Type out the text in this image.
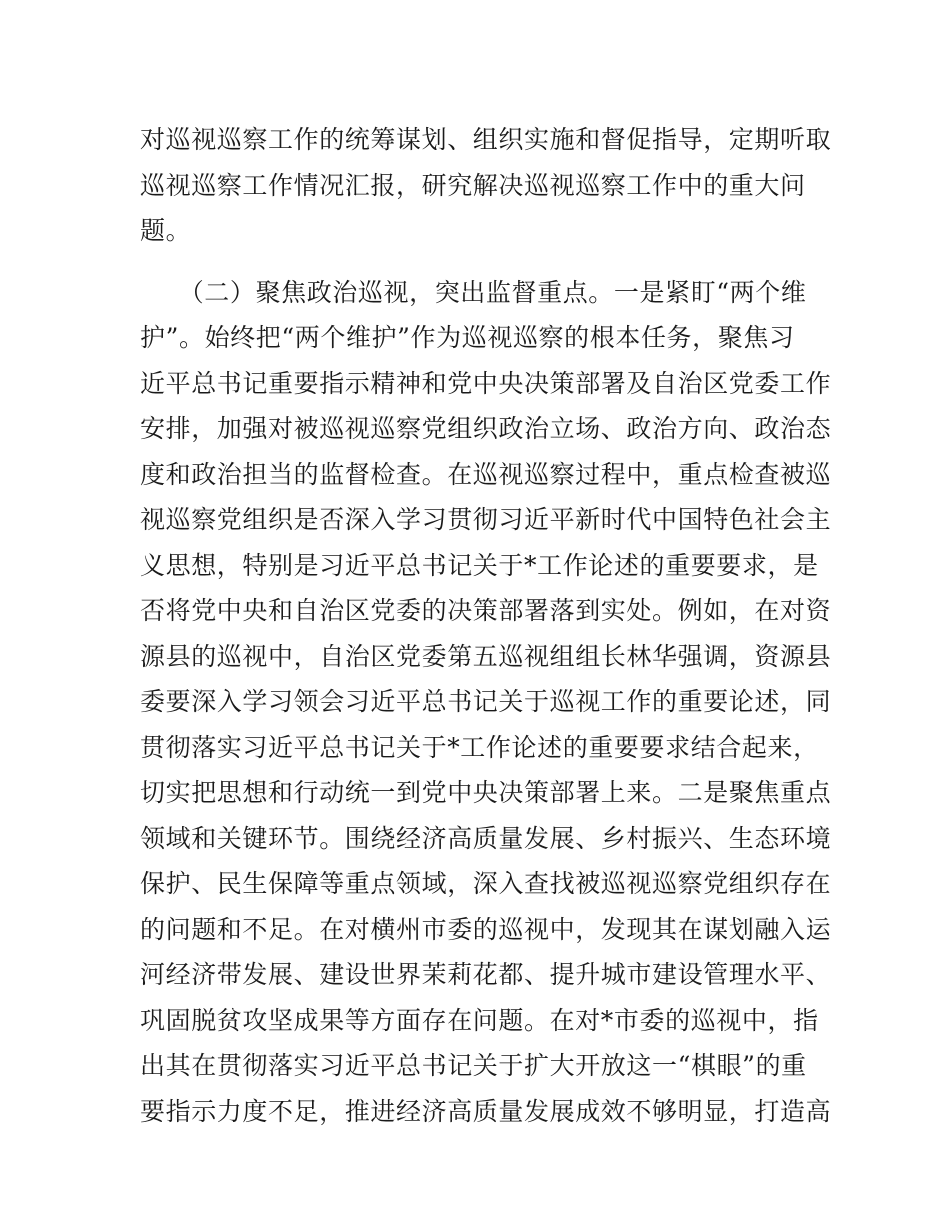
对巡视巡察工作的统筹谋划、组织实施和督促指导，定期听取
巡视巡察工作情况汇报，研究解决巡视巡察工作中的重大问
题。
　　（二）聚焦政治巡视，突出监督重点。一是紧盯“两个维
护”。始终把“两个维护”作为巡视巡察的根本任务，聚焦习
近平总书记重要指示精神和党中央决策部署及自治区党委工作
安排，加强对被巡视巡察党组织政治立场、政治方向、政治态
度和政治担当的监督检查。在巡视巡察过程中，重点检查被巡
视巡察党组织是否深入学习贯彻习近平新时代中国特色社会主
义思想，特别是习近平总书记关于*工作论述的重要要求，是
否将党中央和自治区党委的决策部署落到实处。例如，在对资
源县的巡视中，自治区党委第五巡视组组长林华强调，资源县
委要深入学习领会习近平总书记关于巡视工作的重要论述，同
贯彻落实习近平总书记关于*工作论述的重要要求结合起来，
切实把思想和行动统一到党中央决策部署上来。二是聚焦重点
领域和关键环节。围绕经济高质量发展、乡村振兴、生态环境
保护、民生保障等重点领域，深入查找被巡视巡察党组织存在
的问题和不足。在对横州市委的巡视中，发现其在谋划融入运
河经济带发展、建设世界茉莉花都、提升城市建设管理水平、
巩固脱贫攻坚成果等方面存在问题。在对*市委的巡视中，指
出其在贯彻落实习近平总书记关于扩大开放这一“棋眼”的重
要指示力度不足，推进经济高质量发展成效不够明显，打造高
